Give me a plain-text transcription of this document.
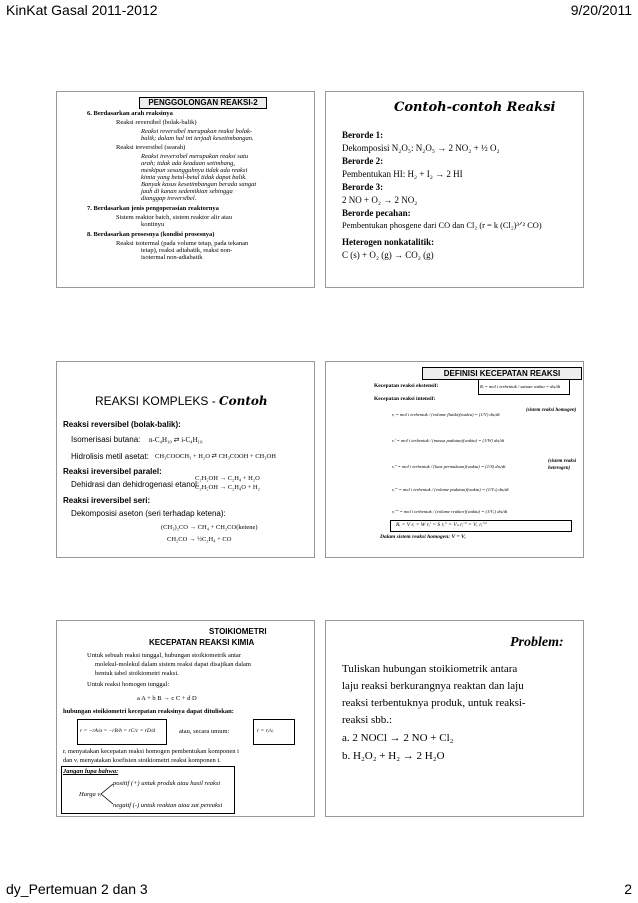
KinKat Gasal 2011-2012	9/20/2011
PENGGOLONGAN REAKSI-2
6. Berdasarkan arah reaksinya
Reaksi reversibel (bolak-balik)
Reaksi reversibel merupakan reaksi bolak-
balik; dalam hal ini terjadi kesetimbangan.
Reaksi ireversibel (searah)
Reaksi ireversibel merupakan reaksi satu
arah; tidak ada keadaan setimbang,
meskipun sesungguhnya tidak ada reaksi
kimia yang betul-betul tidak dapat balik.
Banyak kasus kesetimbangan berada sangat
jauh di kanan sedemikian sehingga
dianggap ireversibel.
7. Berdasarkan jenis pengoperasian reaktornya
Sistem reaktor batch, sistem reaktor alir atau
kontinyu
8. Berdasarkan prosesnya (kondisi prosesnya)
Reaksi isotermal (pada volume tetap, pada tekanan
tetap), reaksi adiabatik, reaksi non-
isotermal non-adiabatik
Contoh-contoh Reaksi
Berorde 1:
Dekomposisi N₂O₅: N₂O₅ → 2 NO₂ + ½ O₂
Berorde 2:
Pembentukan HI: H₂ + I₂ → 2 HI
Berorde 3:
2 NO + O₂ → 2 NO₂
Berorde pecahan:
Pembentukan phosgene dari CO dan Cl₂ (r = k (Cl₂)³ᐟ² CO)
Heterogen nonkatalitik:
C (s) + O₂ (g) → CO₂ (g)
REAKSI KOMPLEKS - Contoh
Reaksi reversibel (bolak-balik):
Isomerisasi butana: n-C₄H₁₀ ⇄ i-C₄H₁₀
Hidrolisis metil asetat: CH₃COOCH₃ + H₂O ⇄ CH₃COOH + CH₃OH
Reaksi ireversibel paralel:
Dehidrasi dan dehidrogenasi etanol:
C₂H₅OH → C₂H₄ + H₂O
C₂H₅OH → C₂H₄O + H₂
Reaksi ireversibel seri:
Dekomposisi aseton (seri terhadap ketena):
(CH₃)₂CO → CH₄ + CH₂CO(ketene)
CH₂CO → ½C₂H₄ + CO
DEFINISI KECEPATAN REAKSI
Kecepatan reaksi ekstensif:	Rᵢ = mol i terbentuk / satuan waktu = dnᵢ/dt
Kecepatan reaksi intensif:
rᵢ = mol i terbentuk / (volume fluida)(waktu) = (1/V) dnᵢ/dt
(sistem reaksi homogen)
rᵢ' = mol i terbentuk / (massa padatan)(waktu) = (1/W) dnᵢ/dt
rᵢ'' = mol i terbentuk / (luas permukaan)(waktu) = (1/S) dnᵢ/dt
(sistem reaksi heterogen)
rᵢ''' = mol i terbentuk / (volume padatan)(waktu) = (1/Vₛ) dnᵢ/dt
rᵢ'''' = mol i terbentuk / (volume reaktor)(waktu) = (1/Vᵣ) dnᵢ/dt
Rᵢ = V rᵢ = W rᵢ' = S rᵢ'' = Vₛ rᵢ''' = Vᵣ rᵢ''''
Dalam sistem reaksi homogen: V = Vᵣ
STOIKIOMETRI
KECEPATAN REAKSI KIMIA
Untuk sebuah reaksi tunggal, hubungan stoikiometrik antar
molekul-molekul dalam sistem reaksi dapat disajikan dalam
bentuk tabel stoikiometri reaksi.
Untuk reaksi homogen tunggal:
a A + b B → c C + d D
hubungan stoikiometri kecepatan reaksinya dapat dituliskan:
r = −rA/a = −rB/b = rC/c = rD/d	atau, secara umum:	r = rᵢ/νᵢ
rᵢ menyatakan kecepatan reaksi homogen pembentukan komponen i
dan νᵢ menyatakan koefisien stoikiometri reaksi komponen i.
Jangan lupa bahwa:
positif (+) untuk produk atau hasil reaksi
Harga νᵢ
negatif (-) untuk reaktan atau zat pereaksi
Problem:
Tuliskan hubungan stoikiometrik antara
laju reaksi berkurangnya reaktan dan laju
reaksi terbentuknya produk, untuk reaksi-
reaksi sbb.:
a. 2 NOCl → 2 NO + Cl₂
b. H₂O₂ + H₂ → 2 H₂O
dy_Pertemuan 2 dan 3	2
